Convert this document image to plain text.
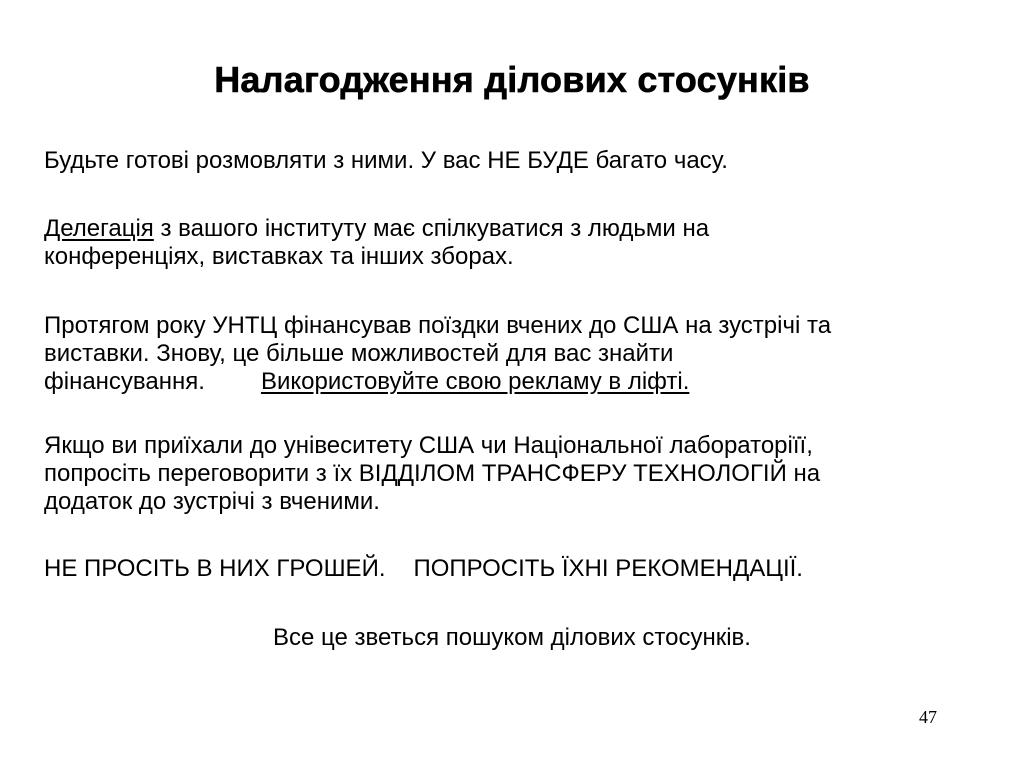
Налагодження ділових стосунків

Будьте готові розмовляти з ними. У вас НЕ БУДЕ багато часу.

Делегація з вашого інституту має спілкуватися з людьми на
конференціях, виставках та інших зборах.

Протягом року УНТЦ фінансував поїздки вчених до США на зустрічі та
виставки. Знову, це більше можливостей для вас знайти
фінансування. Використовуйте свою рекламу в ліфті.

Якщо ви приїхали до унівеситету США чи Національної лабораторіїї,
попросіть переговорити з їх ВІДДІЛОМ ТРАНСФЕРУ ТЕХНОЛОГІЙ на
додаток до зустрічі з вченими.

НЕ ПРОСІТЬ В НИХ ГРОШЕЙ. ПОПРОСІТЬ ЇХНІ РЕКОМЕНДАЦІЇ.

Все це зветься пошуком ділових стосунків.

47
